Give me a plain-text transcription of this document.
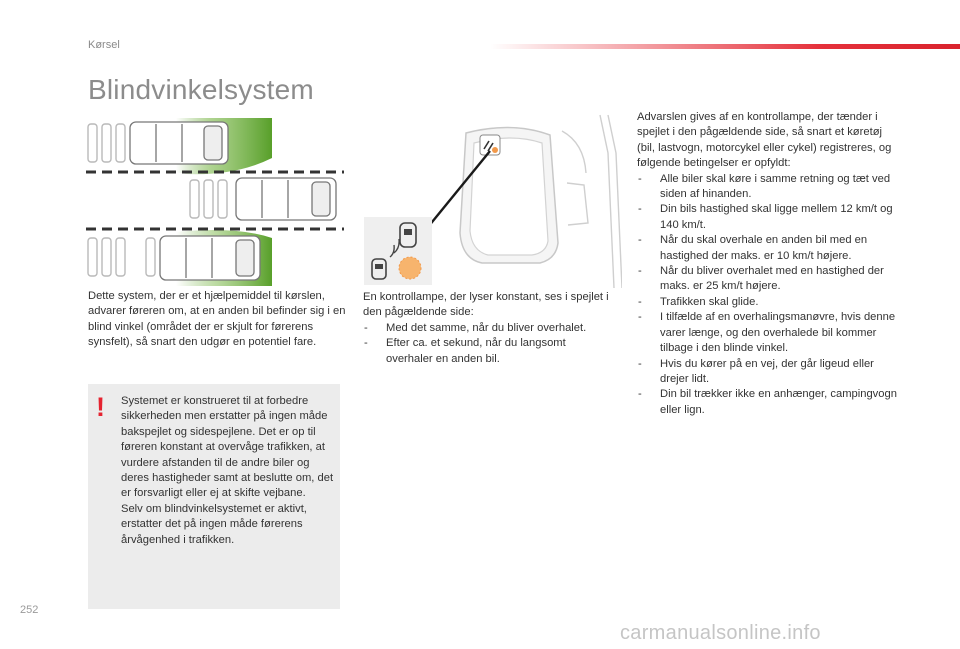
Kørsel
Blindvinkelsystem
Dette system, der er et hjælpemiddel til kørslen, advarer føreren om, at en anden bil befinder sig i en blind vinkel (området der er skjult for førerens synsfelt), så snart den udgør en potentiel fare.
! Systemet er konstrueret til at forbedre sikkerheden men erstatter på ingen måde bakspejlet og sidespejlene. Det er op til føreren konstant at overvåge trafikken, at vurdere afstanden til de andre biler og deres hastigheder samt at beslutte om, det er forsvarligt eller ej at skifte vejbane.
Selv om blindvinkelsystemet er aktivt, erstatter det på ingen måde førerens årvågenhed i trafikken.
En kontrollampe, der lyser konstant, ses i spejlet i den pågældende side:
- Med det samme, når du bliver overhalet.
- Efter ca. et sekund, når du langsomt overhaler en anden bil.
Advarslen gives af en kontrollampe, der tænder i spejlet i den pågældende side, så snart et køretøj (bil, lastvogn, motorcykel eller cykel) registreres, og følgende betingelser er opfyldt:
- Alle biler skal køre i samme retning og tæt ved siden af hinanden.
- Din bils hastighed skal ligge mellem 12 km/t og 140 km/t.
- Når du skal overhale en anden bil med en hastighed der maks. er 10 km/t højere.
- Når du bliver overhalet med en hastighed der maks. er 25 km/t højere.
- Trafikken skal glide.
- I tilfælde af en overhalingsmanøvre, hvis denne varer længe, og den overhalede bil kommer tilbage i den blinde vinkel.
- Hvis du kører på en vej, der går ligeud eller drejer lidt.
- Din bil trækker ikke en anhænger, campingvogn eller lign.
252
carmanualsonline.info
